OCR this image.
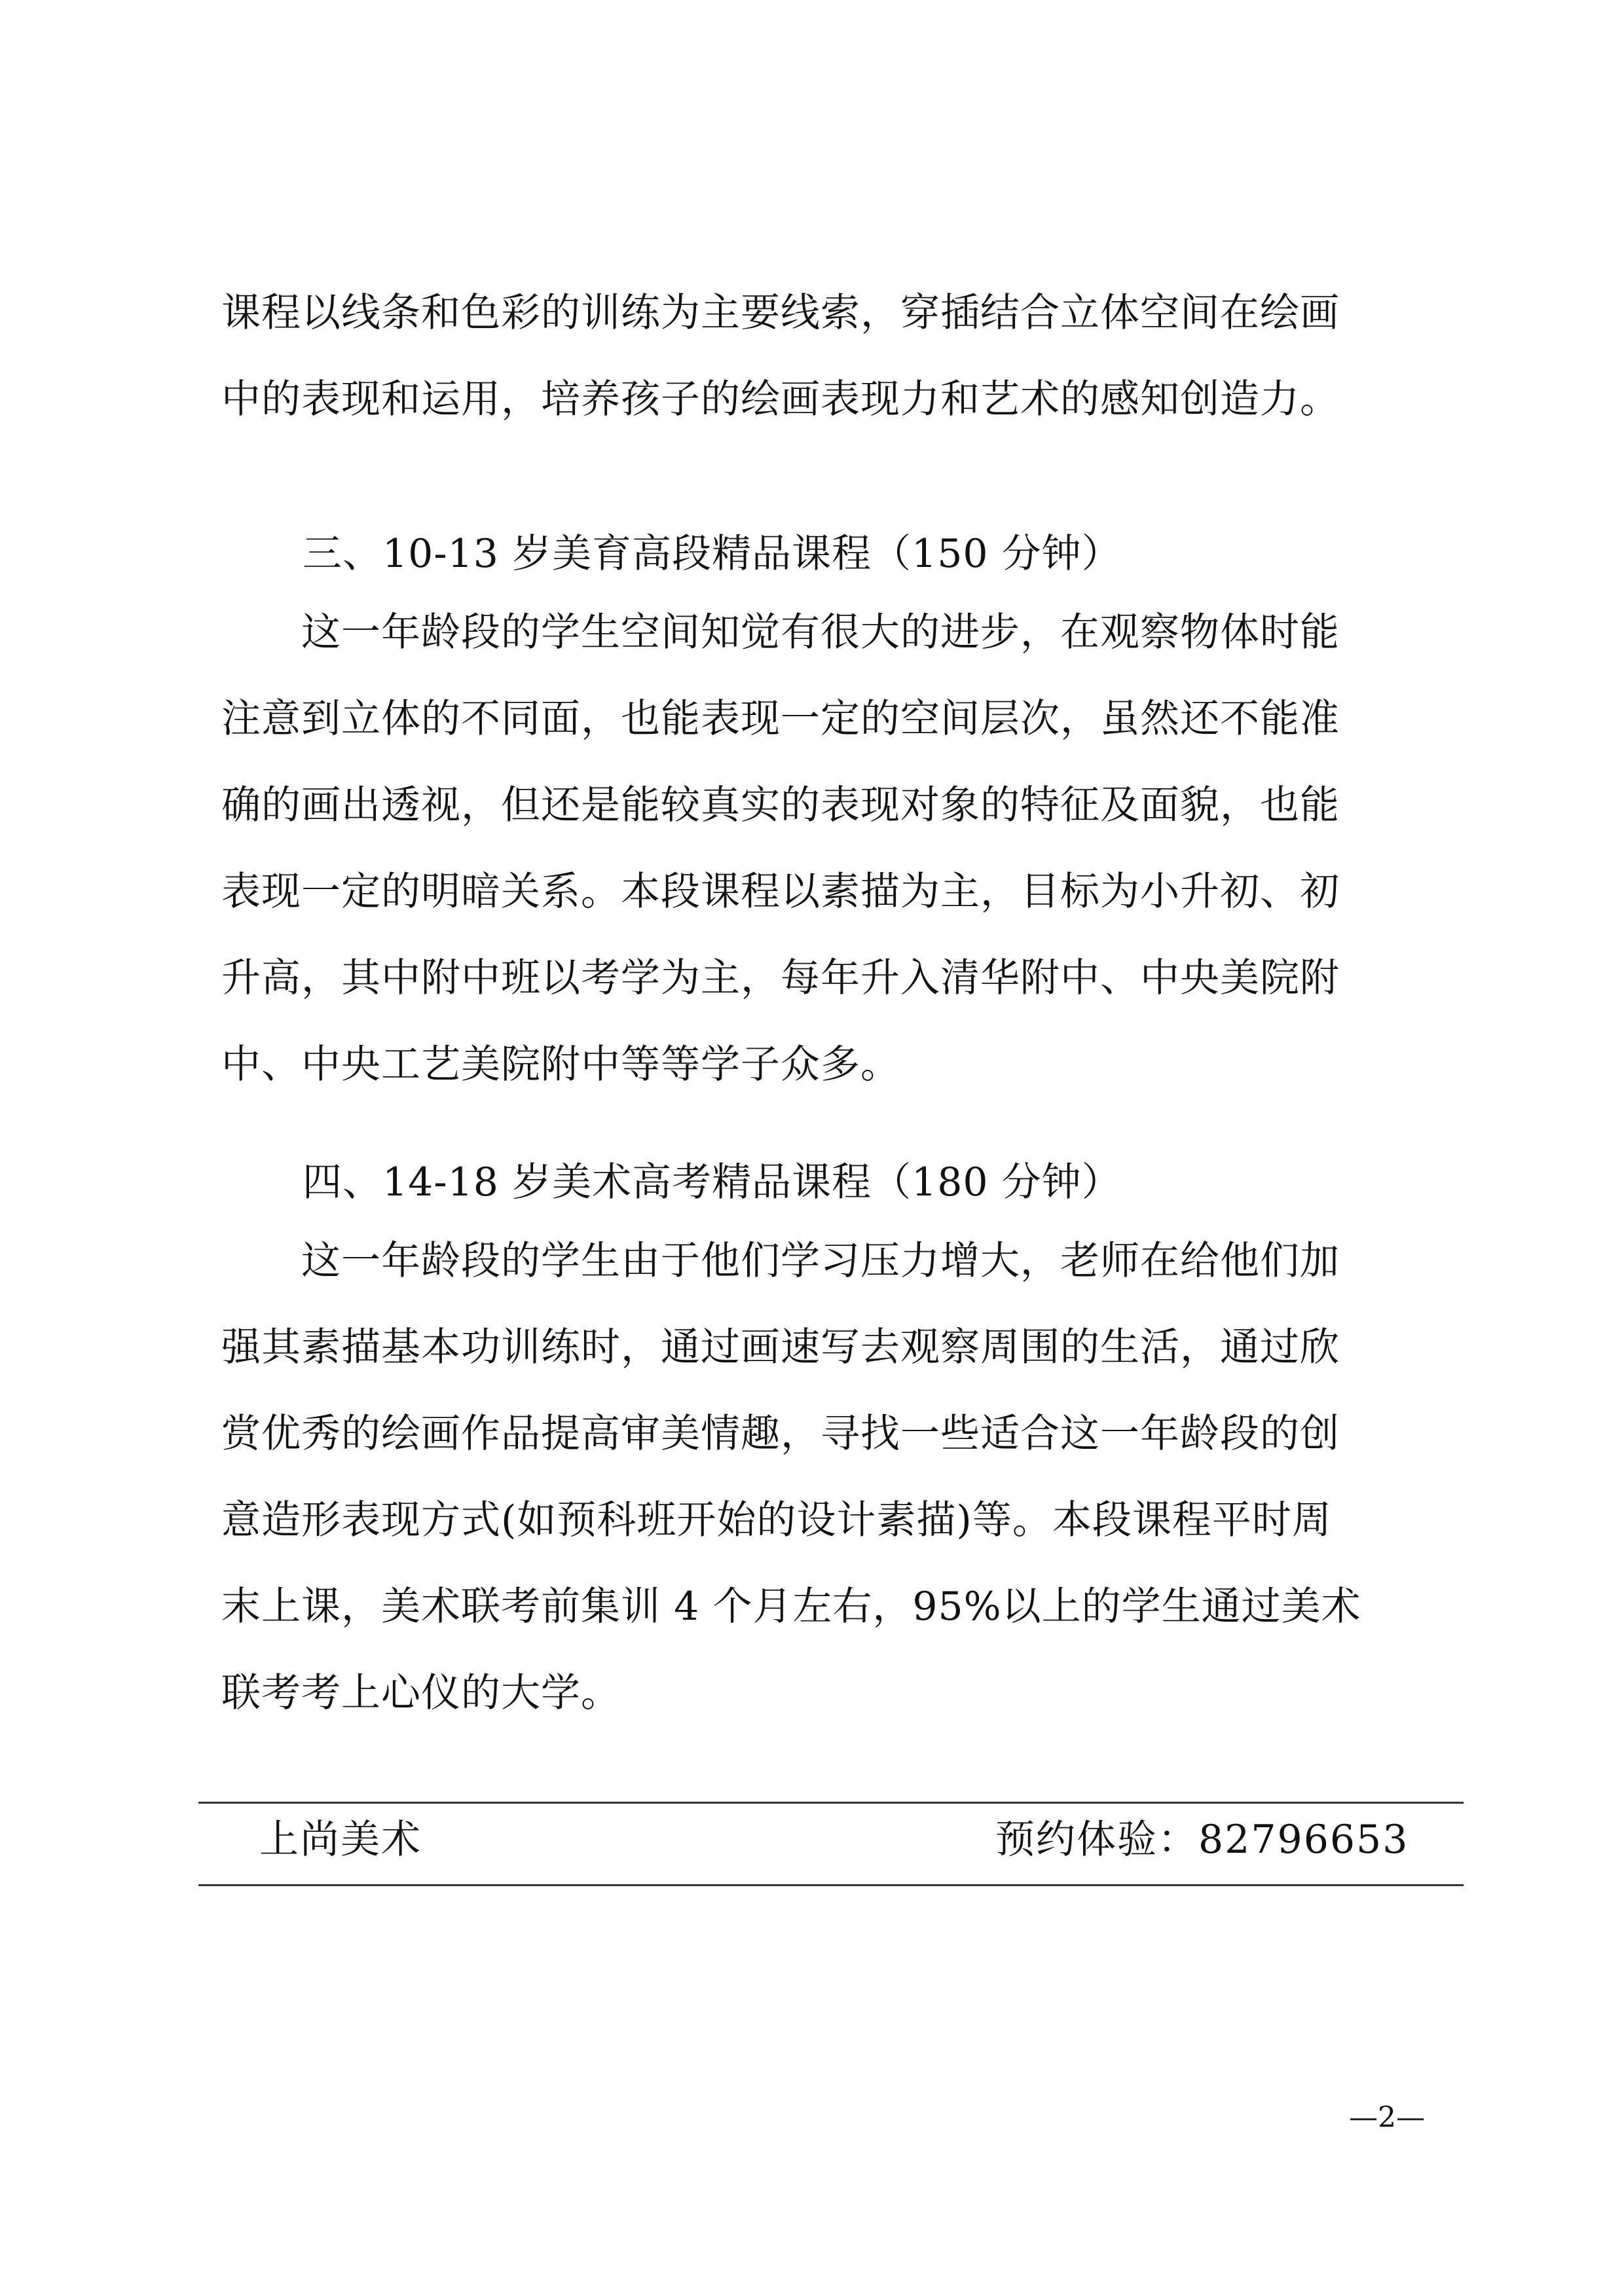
课程以线条和色彩的训练为主要线索，穿插结合立体空间在绘画
中的表现和运用，培养孩子的绘画表现力和艺术的感知创造力。
三、10-13 岁美育高段精品课程（150 分钟）
　　这一年龄段的学生空间知觉有很大的进步，在观察物体时能
注意到立体的不同面，也能表现一定的空间层次，虽然还不能准
确的画出透视，但还是能较真实的表现对象的特征及面貌，也能
表现一定的明暗关系。本段课程以素描为主，目标为小升初、初
升高，其中附中班以考学为主，每年升入清华附中、中央美院附
中、中央工艺美院附中等等学子众多。
四、14-18 岁美术高考精品课程（180 分钟）
　　这一年龄段的学生由于他们学习压力增大，老师在给他们加
强其素描基本功训练时，通过画速写去观察周围的生活，通过欣
赏优秀的绘画作品提高审美情趣，寻找一些适合这一年龄段的创
意造形表现方式(如预科班开始的设计素描)等。本段课程平时周
末上课，美术联考前集训 4 个月左右，95%以上的学生通过美术
联考考上心仪的大学。
上尚美术	预约体验：82796653
—2—
